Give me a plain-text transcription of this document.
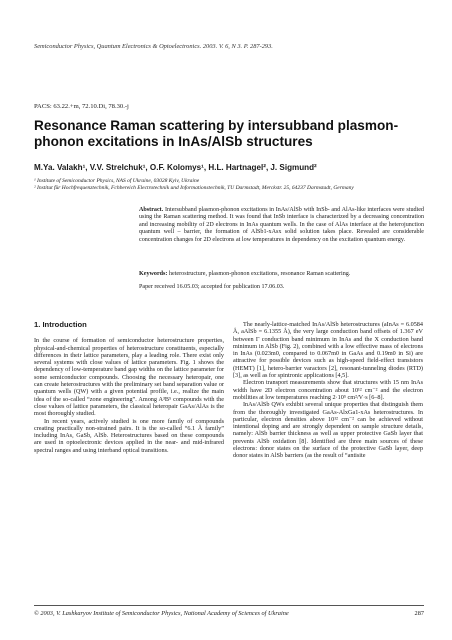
Semiconductor Physics, Quantum Electronics & Optoelectronics. 2003. V. 6, N 3. P. 287-293.
PACS: 63.22.+m, 72.10.Di, 78.30.-j
Resonance Raman scattering by intersubband plasmon-phonon excitations in InAs/AlSb structures
M.Ya. Valakh¹, V.V. Strelchuk¹, O.F. Kolomys¹, H.L. Hartnagel², J. Sigmund²
¹ Institute of Semiconductor Physics, NAS of Ukraine, 03028 Kyiv, Ukraine
² Institut für Hochfrequenztechnik, Fchbereich Electrotechnik und Informationstechnik, TU Darmstadt, Merckstr. 25, 64237 Darmstadt, Germany
Abstract. Intersubband plasmon-phonon excitations in InAs/AlSb with InSb- and AlAs-like interfaces were studied using the Raman scattering method. It was found that InSb interface is characterized by a decreasing concentration and increasing mobility of 2D electrons in InAs quantum wells. In the case of AlAs interface at the heterojunction quantum well – barrier, the formation of AlSb1-xAsx solid solution takes place. Revealed are considerable concentration changes for 2D electrons at low temperatures in dependency on the excitation quantum energy.
Keywords: heterostructure, plasmon-phonon excitations, resonance Raman scattering.
Paper received 16.05.03; accepted for publication 17.06.03.
1. Introduction

In the course of formation of semiconductor heterostructure properties, physical-and-chemical properties of heterostructure constituents, especially differences in their lattice parameters, play a leading role. There exist only several systems with close values of lattice parameters. Fig. 1 shows the dependency of low-temperature band gap widths on the lattice parameter for some semiconductor compounds. Choosing the necessary heteropair, one can create heterostructures with the preliminary set band separation value or quantum wells (QW) with a given potential profile, i.e., realize the main idea of the so-called “zone engineering”. Among A³B⁵ compounds with the close values of lattice parameters, the classical heteropair GaAs/AlAs is the most thoroughly studied.

In recent years, actively studied is one more family of compounds creating practically non-strained pairs. It is the so-called “6.1 Å family” including InAs, GaSb, AlSb. Heterostructures based on these compounds are used in optoelectronic devices applied in the near- and mid-infrared spectral ranges and using interband optical transitions.

The nearly-lattice-matched InAs/AlSb heterostructures (aInAs = 6.0584 Å, aAlSb = 6.1355 Å), the very large conduction band offsets of 1.367 eV between Γ conduction band minimum in InAs and the X conduction band minimum in AlSb (Fig. 2), combined with a low effective mass of electrons in InAs (0.023m0, compared to 0.067m0 in GaAs and 0.19m0 in Si) are attractive for possible devices such as high-speed field-effect transistors (HEMT) [1], hetero-barrier varactors [2], resonant-tunneling diodes (RTD) [3], as well as for spintronic applications [4,5].

Electron transport measurements show that structures with 15 nm InAs width have 2D electron concentration about 10¹² cm⁻² and the electron mobilities at low temperatures reaching 2·10⁵ cm²/V·s [6–8].

InAs/AlSb QWs exhibit several unique properties that distinguish them from the thoroughly investigated GaAs-AlxGa1-xAs heterostructures. In particular, electron densities above 10¹² cm⁻² can be achieved without intentional doping and are strongly dependent on sample structure details, namely: AlSb barrier thickness as well as upper protective GaSb layer that prevents AlSb oxidation [8]. Identified are three main sources of these electrons: donor states on the surface of the protective GaSb layer, deep donor states in AlSb barriers (as the result of “antisite

© 2003, V. Lashkaryov Institute of Semiconductor Physics, National Academy of Sciences of Ukraine	287
